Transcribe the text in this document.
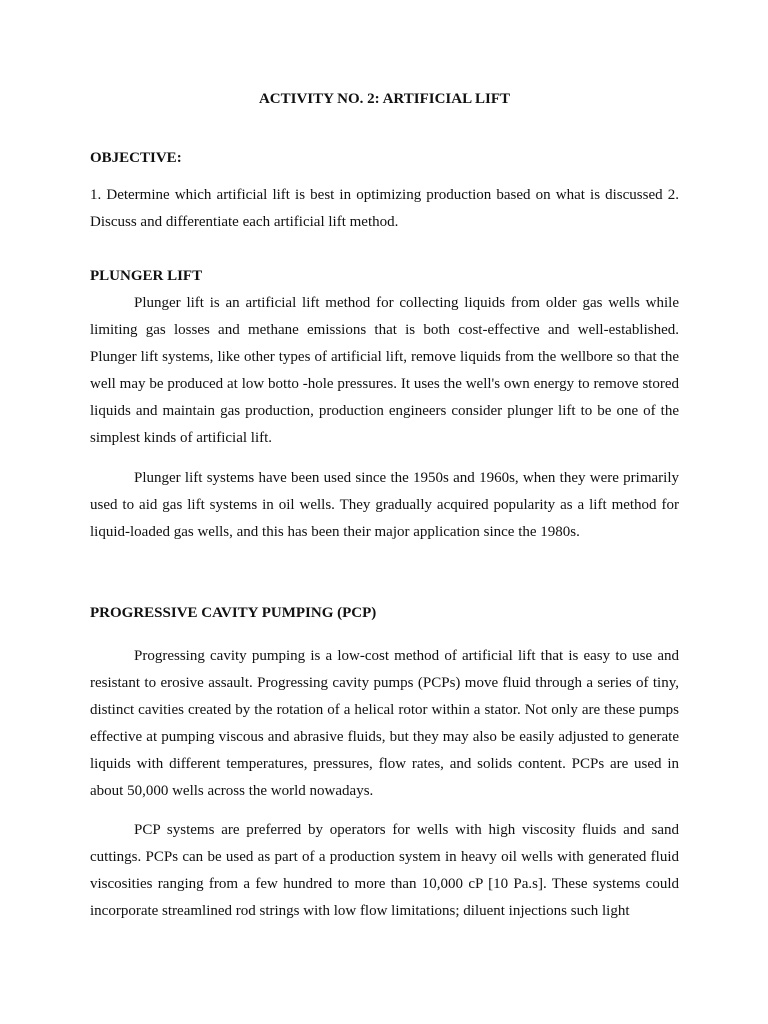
ACTIVITY NO. 2: ARTIFICIAL LIFT
OBJECTIVE:

1. Determine which artificial lift is best in optimizing production based on what is discussed 2. Discuss and differentiate each artificial lift method.

PLUNGER LIFT

Plunger lift is an artificial lift method for collecting liquids from older gas wells while limiting gas losses and methane emissions that is both cost-effective and well-established. Plunger lift systems, like other types of artificial lift, remove liquids from the wellbore so that the well may be produced at low botto -hole pressures. It uses the well's own energy to remove stored liquids and maintain gas production, production engineers consider plunger lift to be one of the simplest kinds of artificial lift.

Plunger lift systems have been used since the 1950s and 1960s, when they were primarily used to aid gas lift systems in oil wells. They gradually acquired popularity as a lift method for liquid-loaded gas wells, and this has been their major application since the 1980s.

PROGRESSIVE CAVITY PUMPING (PCP)

Progressing cavity pumping is a low-cost method of artificial lift that is easy to use and resistant to erosive assault. Progressing cavity pumps (PCPs) move fluid through a series of tiny, distinct cavities created by the rotation of a helical rotor within a stator. Not only are these pumps effective at pumping viscous and abrasive fluids, but they may also be easily adjusted to generate liquids with different temperatures, pressures, flow rates, and solids content. PCPs are used in about 50,000 wells across the world nowadays.

PCP systems are preferred by operators for wells with high viscosity fluids and sand cuttings. PCPs can be used as part of a production system in heavy oil wells with generated fluid viscosities ranging from a few hundred to more than 10,000 cP [10 Pa.s]. These systems could incorporate streamlined rod strings with low flow limitations; diluent injections such light
